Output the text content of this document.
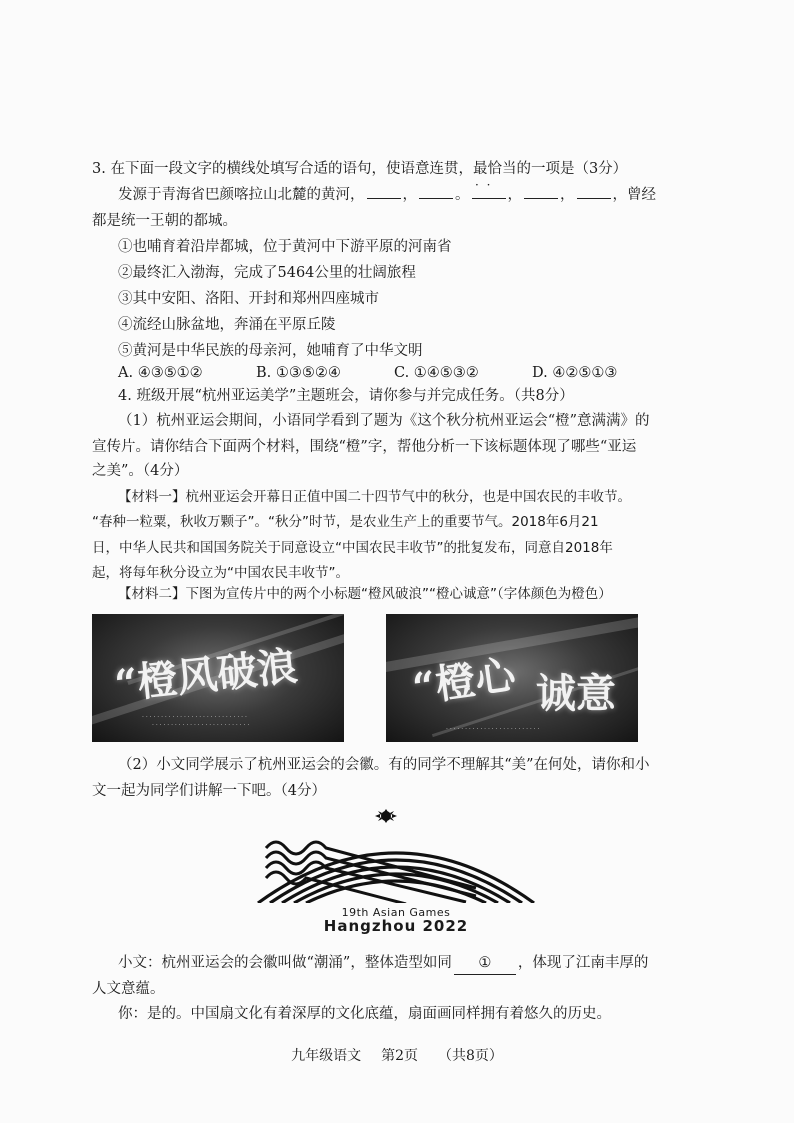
3. 在下面一段文字的横线处填写合适的语句，使语意连贯，最恰当 · ·的一项是（3分）
发源于青海省巴颜喀拉山北麓的黄河，	，	。	，	，	，曾经
都是统一王朝的都城。
①也哺育着沿岸都城，位于黄河中下游平原的河南省
②最终汇入渤海，完成了5464公里的壮阔旅程
③其中安阳、洛阳、开封和郑州四座城市
④流经山脉盆地，奔涌在平原丘陵
⑤黄河是中华民族的母亲河，她哺育了中华文明
A. ④③⑤①②	B. ①③⑤②④	C. ①④⑤③②	D. ④②⑤①③
4. 班级开展“杭州亚运美学”主题班会，请你参与并完成任务。（共8分）
（1）杭州亚运会期间，小语同学看到了题为《这个秋分杭州亚运会“橙”意满满》的
宣传片。请你结合下面两个材料，围绕“橙”字，帮他分析一下该标题体现了哪些“亚运
之美”。（4分）
【材料一】杭州亚运会开幕日正值中国二十四节气中的秋分，也是中国农民的丰收节。
“春种一粒粟，秋收万颗子”。“秋分”时节，是农业生产上的重要节气。2018年6月21
日，中华人民共和国国务院关于同意设立“中国农民丰收节”的批复发布，同意自2018年
起，将每年秋分设立为“中国农民丰收节”。
【材料二】下图为宣传片中的两个小标题“橙风破浪”“橙心诚意”（字体颜色为橙色）
“橙风破浪
· · · · · · · · · · · · · · · · · · · · · · · · · · · ·
· · · · · · · · · · · · · · · · · · · · · · · · · ·
“橙心 诚意
· · · · · · · · · · · · · · · · · · · · · · · · ·
（2）小文同学展示了杭州亚运会的会徽。有的同学不理解其“美”在何处，请你和小
文一起为同学们讲解一下吧。（4分）
19th Asian Games
Hangzhou 2022
小文：杭州亚运会的会徽叫做“潮涌”，整体造型如同 ① ，体现了江南丰厚的
人文意蕴。
你：是的。中国扇文化有着深厚的文化底蕴，扇面画同样拥有着悠久的历史。
九年级语文 第2页 （共8页）
